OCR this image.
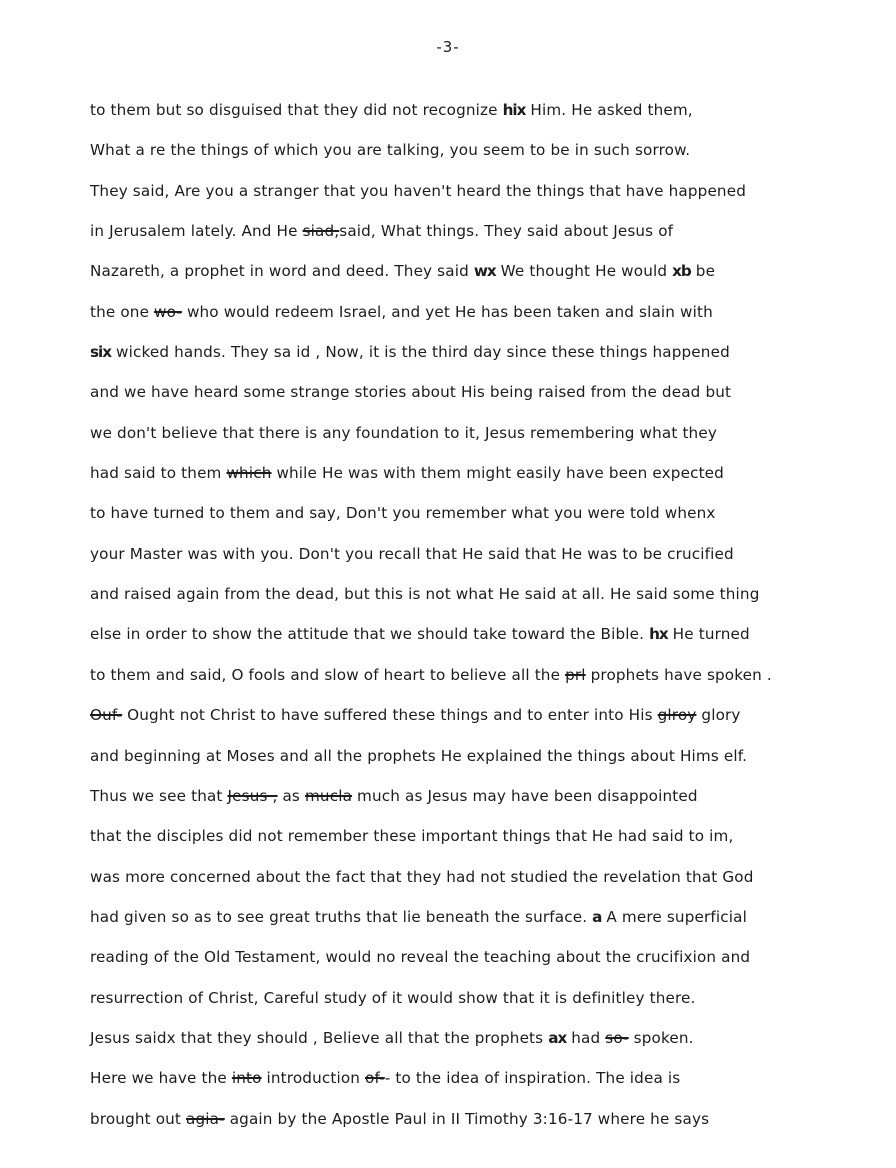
-3-
to them but so disguised that they did not recognize hix Him. He asked them,
What a re the things of which you are talking, you seem to be in such sorrow.
They said, Are you a stranger that you haven't heard the things that have happened
in Jerusalem lately. And He siad,said, What things. They said about Jesus of
Nazareth, a prophet in word and deed. They said wx We thought He would xb be
the one wo- who would redeem Israel, and yet He has been taken and slain with
six wicked hands. They sa id , Now, it is the third day since these things happened
and we have heard some strange stories about His being raised from the dead but
we don't believe that there is any foundation to it, Jesus remembering what they
had said to them which while He was with them might easily have been expected
to have turned to them and say, Don't you remember what you were told whenx
your Master was with you. Don't you recall that He said that He was to be crucified
and raised again from the dead, but this is not what He said at all. He said some thing
else in order to show the attitude that we should take toward the Bible. hx He turned
to them and said, O fools and slow of heart to believe all the prl prophets have spoken .
Ouf- Ought not Christ to have suffered these things and to enter into His glroy glory
and beginning at Moses and all the prophets He explained the things about Hims elf.
Thus we see that Jesus , as mucla much as Jesus may have been disappointed
that the disciples did not remember these important things that He had said to im,
was more concerned about the fact that they had not studied the revelation that God
had given so as to see great truths that lie beneath the surface. a A mere superficial
reading of the Old Testament, would no reveal the teaching about the crucifixion and
resurrection of Christ, Careful study of it would show that it is definitley there.
Jesus saidx that they should , Believe all that the prophets ax had so- spoken.
Here we have the into introduction of-- to the idea of inspiration. The idea is
brought out agia- again by the Apostle Paul in II Timothy 3:16-17 where he says
